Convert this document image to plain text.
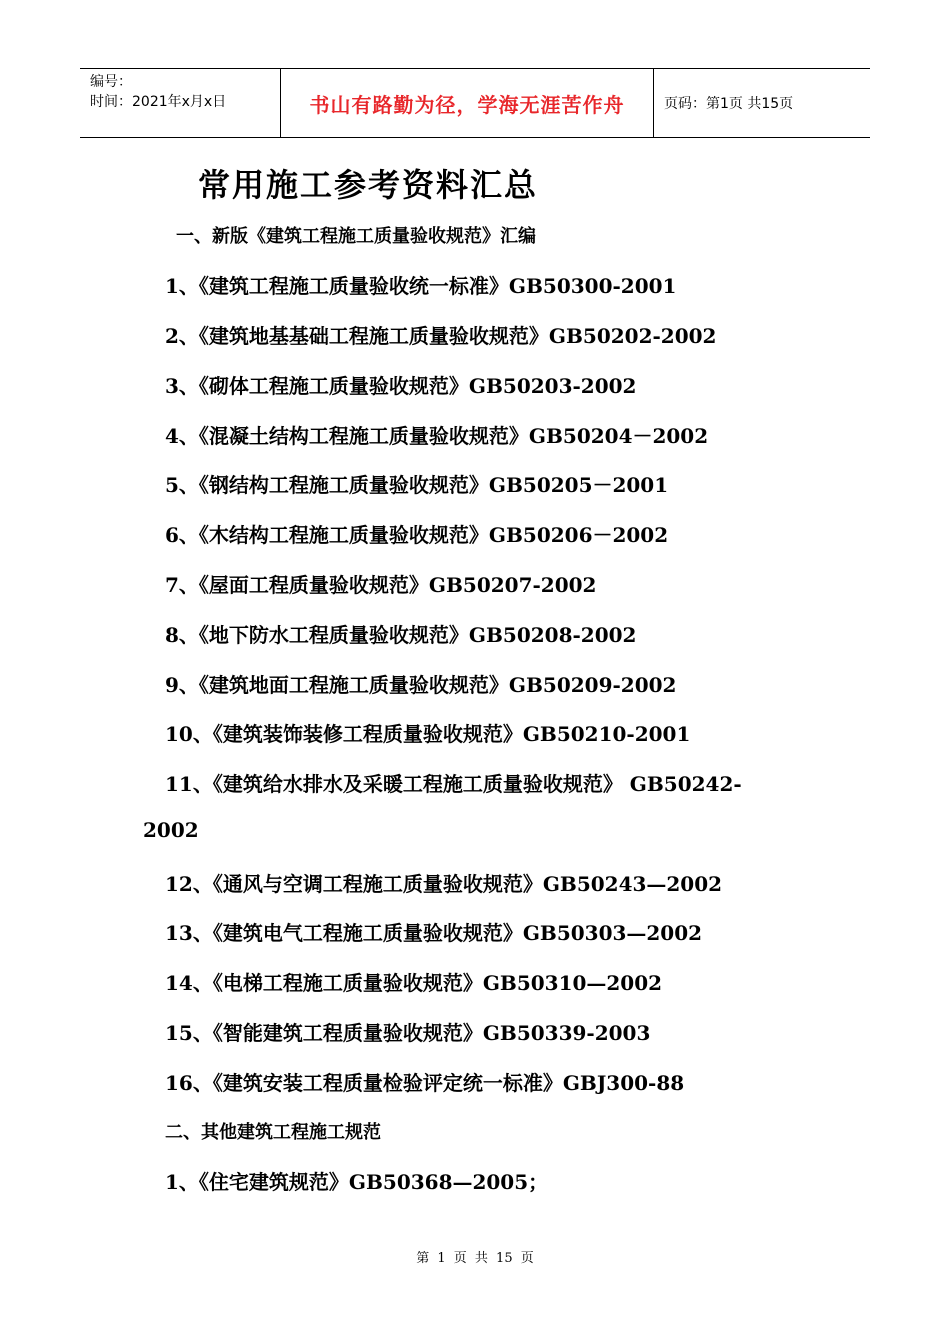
编号：
时间：2021年x月x日	书山有路勤为径，学海无涯苦作舟	页码：第1页 共15页
常用施工参考资料汇总
一、新版《建筑工程施工质量验收规范》汇编
1、《建筑工程施工质量验收统一标准》GB50300-2001
2、《建筑地基基础工程施工质量验收规范》GB50202-2002
3、《砌体工程施工质量验收规范》GB50203-2002
4、《混凝土结构工程施工质量验收规范》GB50204－2002
5、《钢结构工程施工质量验收规范》GB50205－2001
6、《木结构工程施工质量验收规范》GB50206－2002
7、《屋面工程质量验收规范》GB50207-2002
8、《地下防水工程质量验收规范》GB50208-2002
9、《建筑地面工程施工质量验收规范》GB50209-2002
10、《建筑装饰装修工程质量验收规范》GB50210-2001
11、《建筑给水排水及采暖工程施工质量验收规范》 GB50242-
2002
12、《通风与空调工程施工质量验收规范》GB50243—2002
13、《建筑电气工程施工质量验收规范》GB50303—2002
14、《电梯工程施工质量验收规范》GB50310—2002
15、《智能建筑工程质量验收规范》GB50339-2003
16、《建筑安装工程质量检验评定统一标准》GBJ300-88
二、其他建筑工程施工规范
1、《住宅建筑规范》GB50368—2005；
第 1 页 共 15 页
